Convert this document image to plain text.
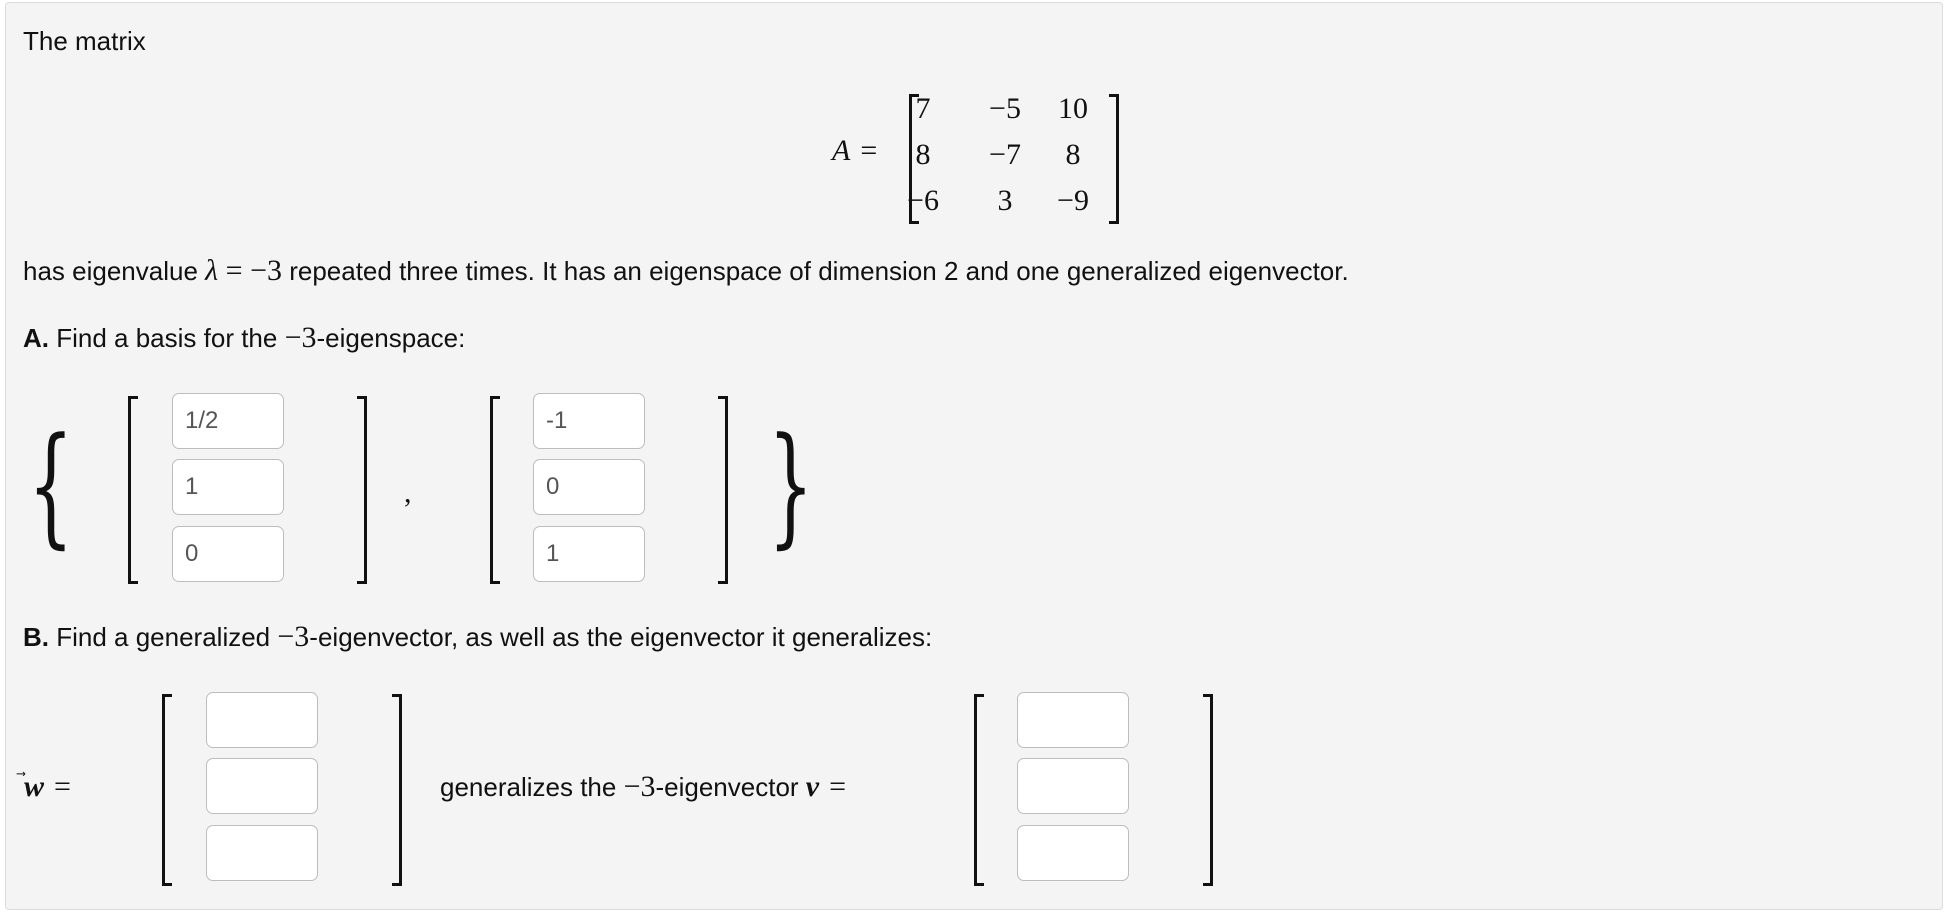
The matrix
A =
7	−5	10
8	−7	8
−6	3	−9
has eigenvalue λ = −3 repeated three times. It has an eigenspace of dimension 2 and one generalized eigenvector.
A. Find a basis for the −3-eigenspace:
{
1/2
1
0	,
-1
0
1	}
B. Find a generalized −3-eigenvector, as well as the eigenvector it generalizes:
w =	generalizes the −3-eigenvector v =
